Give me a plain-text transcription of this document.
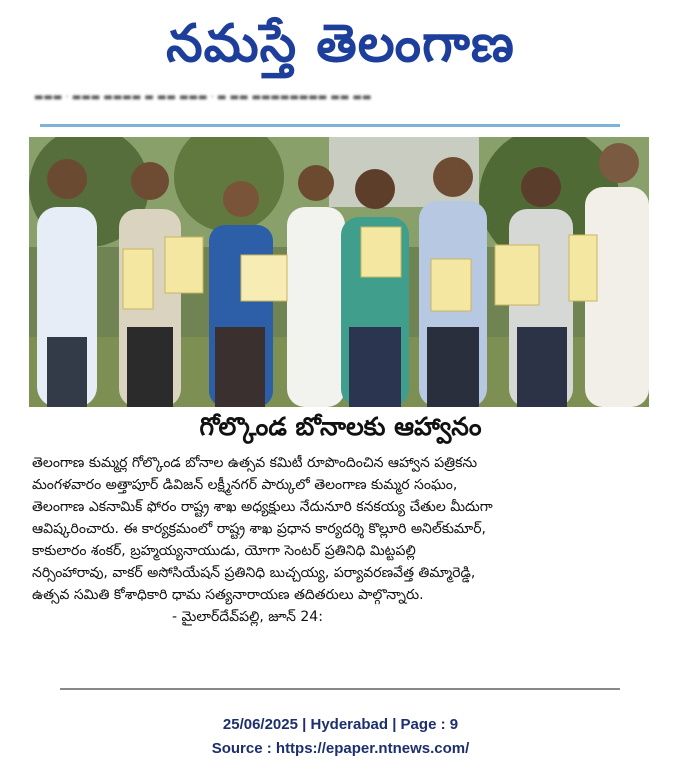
నమస్తే తెలంగాణ
▬▬▬ · ▬▬▬ ▬▬▬▬ ▬ ▬▬ ▬▬▬ · ▬ ▬▬ ▬▬▬▬▬▬▬▬ ▬▬ ▬▬
గోల్కొండ బోనాలకు ఆహ్వానం
తెలంగాణ కుమ్మర్ల గోల్కొండ బోనాల ఉత్సవ కమిటీ రూపొందించిన ఆహ్వాన పత్రికను
మంగళవారం అత్తాపూర్ డివిజన్ లక్ష్మీనగర్ పార్కులో తెలంగాణ కుమ్మర సంఘం,
తెలంగాణ ఎకనామిక్ ఫోరం రాష్ట్ర శాఖ అధ్యక్షులు నేదునూరి కనకయ్య చేతుల మీదుగా
ఆవిష్కరించారు. ఈ కార్యక్రమంలో రాష్ట్ర శాఖ ప్రధాన కార్యదర్శి కొల్లూరి అనిల్‌కుమార్,
కాకులారం శంకర్, బ్రహ్మయ్యనాయుడు, యోగా సెంటర్ ప్రతినిధి మిట్టపల్లి
నర్సింహారావు, వాకర్ అసోసియేషన్ ప్రతినిధి బుచ్చయ్య, పర్యావరణవేత్త తిమ్మారెడ్డి,
ఉత్సవ సమితి కోశాధికారి ధామ సత్యనారాయణ తదితరులు పాల్గొన్నారు.
- మైలార్‌దేవ్‌పల్లి, జూన్ 24:
25/06/2025 | Hyderabad | Page : 9
Source : https://epaper.ntnews.com/
